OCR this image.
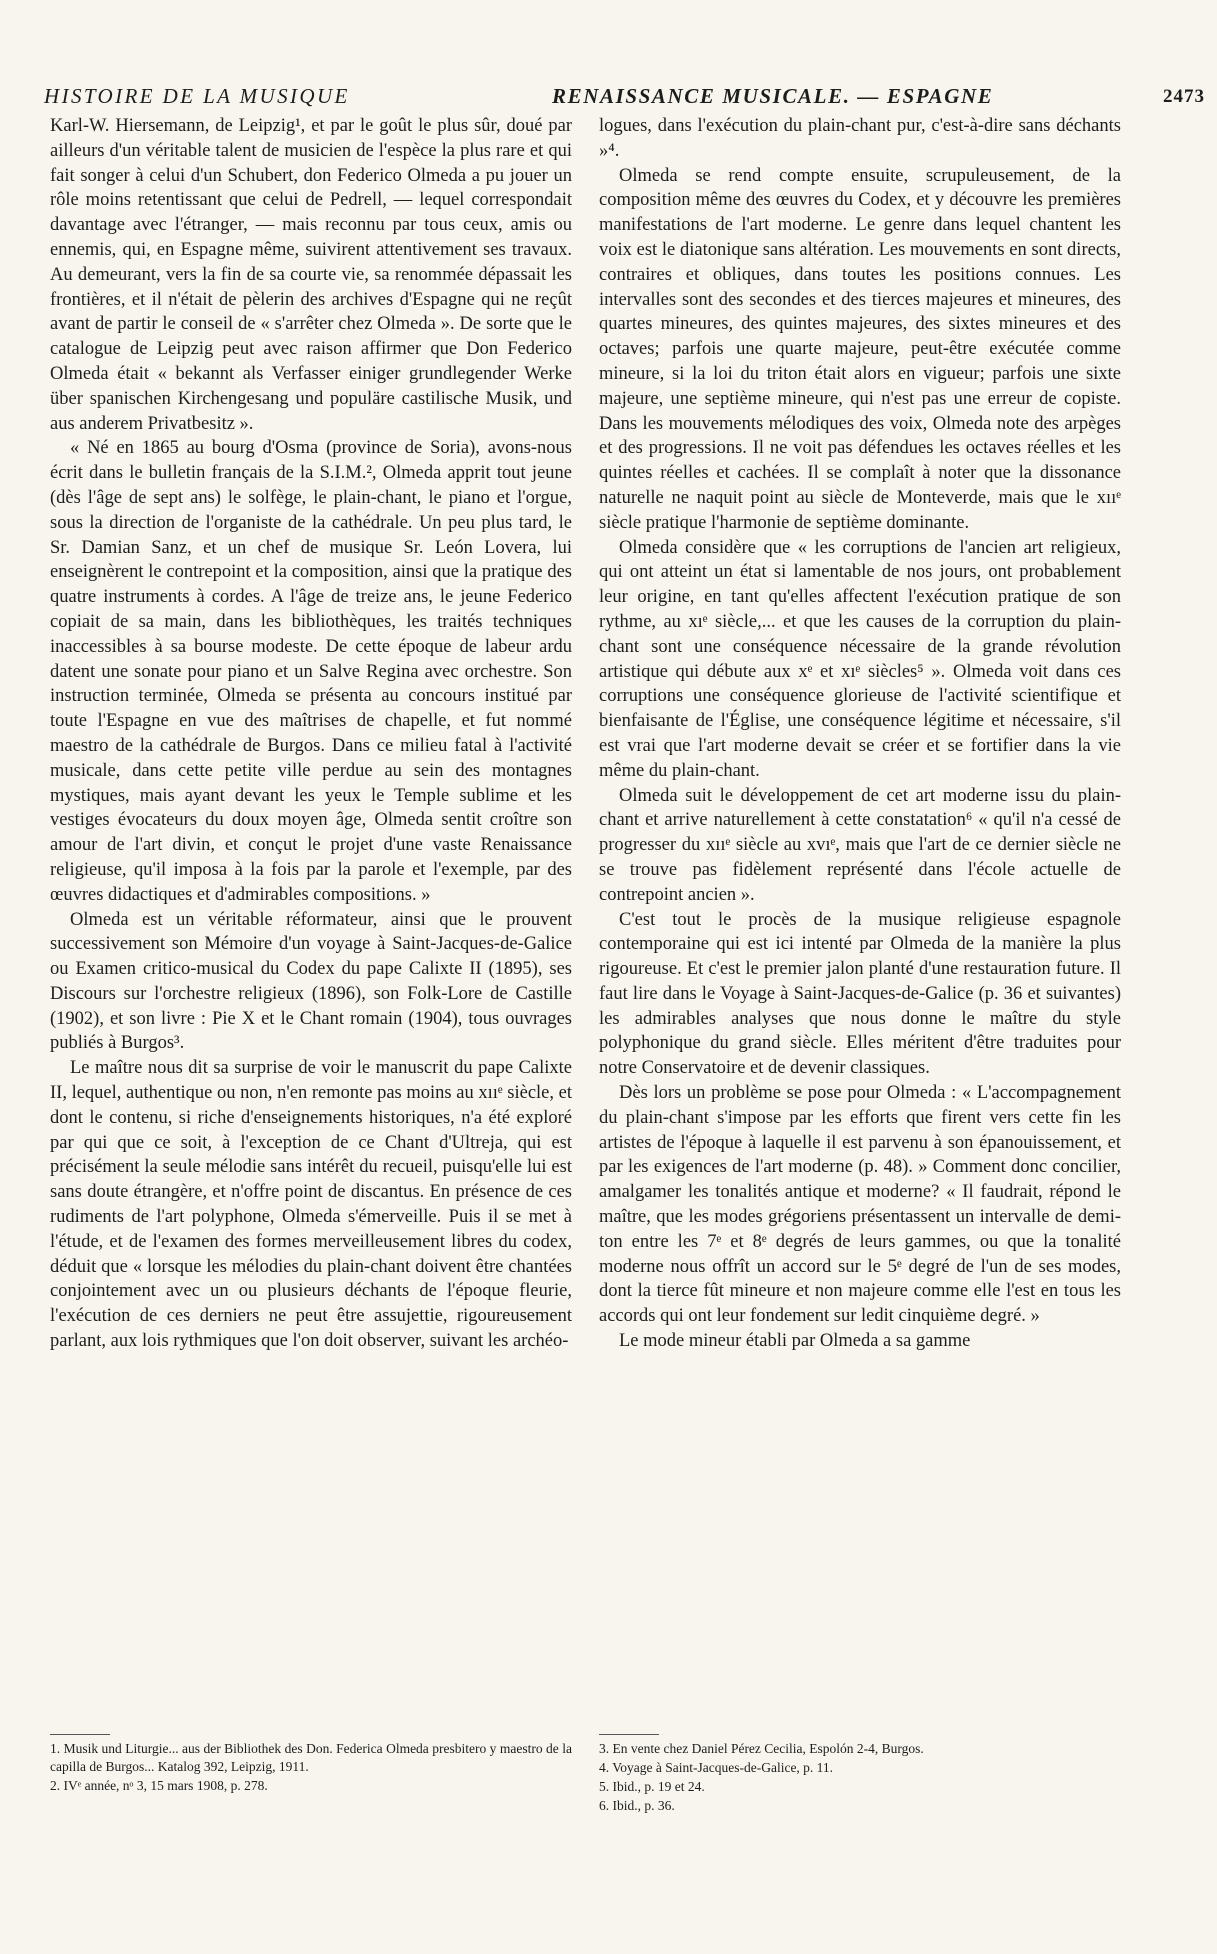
HISTOIRE DE LA MUSIQUE	RENAISSANCE MUSICALE. — ESPAGNE	2473

Karl-W. Hiersemann, de Leipzig¹, et par le goût le plus sûr, doué par ailleurs d'un véritable talent de musicien de l'espèce la plus rare et qui fait songer à celui d'un Schubert, don Federico Olmeda a pu jouer un rôle moins retentissant que celui de Pedrell, — lequel correspondait davantage avec l'étranger, — mais reconnu par tous ceux, amis ou ennemis, qui, en Espagne même, suivirent attentivement ses travaux. Au demeurant, vers la fin de sa courte vie, sa renommée dépassait les frontières, et il n'était de pèlerin des archives d'Espagne qui ne reçût avant de partir le conseil de « s'arrêter chez Olmeda ». De sorte que le catalogue de Leipzig peut avec raison affirmer que Don Federico Olmeda était « bekannt als Verfasser einiger grundlegender Werke über spanischen Kirchengesang und populäre castilische Musik, und aus anderem Privatbesitz ».

« Né en 1865 au bourg d'Osma (province de Soria), avons-nous écrit dans le bulletin français de la S.I.M.², Olmeda apprit tout jeune (dès l'âge de sept ans) le solfège, le plain-chant, le piano et l'orgue, sous la direction de l'organiste de la cathédrale. Un peu plus tard, le Sr. Damian Sanz, et un chef de musique Sr. León Lovera, lui enseignèrent le contrepoint et la composition, ainsi que la pratique des quatre instruments à cordes. A l'âge de treize ans, le jeune Federico copiait de sa main, dans les bibliothèques, les traités techniques inaccessibles à sa bourse modeste. De cette époque de labeur ardu datent une sonate pour piano et un Salve Regina avec orchestre. Son instruction terminée, Olmeda se présenta au concours institué par toute l'Espagne en vue des maîtrises de chapelle, et fut nommé maestro de la cathédrale de Burgos. Dans ce milieu fatal à l'activité musicale, dans cette petite ville perdue au sein des montagnes mystiques, mais ayant devant les yeux le Temple sublime et les vestiges évocateurs du doux moyen âge, Olmeda sentit croître son amour de l'art divin, et conçut le projet d'une vaste Renaissance religieuse, qu'il imposa à la fois par la parole et l'exemple, par des œuvres didactiques et d'admirables compositions. »

Olmeda est un véritable réformateur, ainsi que le prouvent successivement son Mémoire d'un voyage à Saint-Jacques-de-Galice ou Examen critico-musical du Codex du pape Calixte II (1895), ses Discours sur l'orchestre religieux (1896), son Folk-Lore de Castille (1902), et son livre : Pie X et le Chant romain (1904), tous ouvrages publiés à Burgos³.

Le maître nous dit sa surprise de voir le manuscrit du pape Calixte II, lequel, authentique ou non, n'en remonte pas moins au xııᵉ siècle, et dont le contenu, si riche d'enseignements historiques, n'a été exploré par qui que ce soit, à l'exception de ce Chant d'Ultreja, qui est précisément la seule mélodie sans intérêt du recueil, puisqu'elle lui est sans doute étrangère, et n'offre point de discantus. En présence de ces rudiments de l'art polyphone, Olmeda s'émerveille. Puis il se met à l'étude, et de l'examen des formes merveilleusement libres du codex, déduit que « lorsque les mélodies du plain-chant doivent être chantées conjointement avec un ou plusieurs déchants de l'époque fleurie, l'exécution de ces derniers ne peut être assujettie, rigoureusement parlant, aux lois rythmiques que l'on doit observer, suivant les archéo-

logues, dans l'exécution du plain-chant pur, c'est-à-dire sans déchants »⁴.

Olmeda se rend compte ensuite, scrupuleusement, de la composition même des œuvres du Codex, et y découvre les premières manifestations de l'art moderne. Le genre dans lequel chantent les voix est le diatonique sans altération. Les mouvements en sont directs, contraires et obliques, dans toutes les positions connues. Les intervalles sont des secondes et des tierces majeures et mineures, des quartes mineures, des quintes majeures, des sixtes mineures et des octaves; parfois une quarte majeure, peut-être exécutée comme mineure, si la loi du triton était alors en vigueur; parfois une sixte majeure, une septième mineure, qui n'est pas une erreur de copiste. Dans les mouvements mélodiques des voix, Olmeda note des arpèges et des progressions. Il ne voit pas défendues les octaves réelles et les quintes réelles et cachées. Il se complaît à noter que la dissonance naturelle ne naquit point au siècle de Monteverde, mais que le xııᵉ siècle pratique l'harmonie de septième dominante.

Olmeda considère que « les corruptions de l'ancien art religieux, qui ont atteint un état si lamentable de nos jours, ont probablement leur origine, en tant qu'elles affectent l'exécution pratique de son rythme, au xıᵉ siècle,... et que les causes de la corruption du plain-chant sont une conséquence nécessaire de la grande révolution artistique qui débute aux xᵉ et xıᵉ siècles⁵ ». Olmeda voit dans ces corruptions une conséquence glorieuse de l'activité scientifique et bienfaisante de l'Église, une conséquence légitime et nécessaire, s'il est vrai que l'art moderne devait se créer et se fortifier dans la vie même du plain-chant.

Olmeda suit le développement de cet art moderne issu du plain-chant et arrive naturellement à cette constatation⁶ « qu'il n'a cessé de progresser du xııᵉ siècle au xvıᵉ, mais que l'art de ce dernier siècle ne se trouve pas fidèlement représenté dans l'école actuelle de contrepoint ancien ».

C'est tout le procès de la musique religieuse espagnole contemporaine qui est ici intenté par Olmeda de la manière la plus rigoureuse. Et c'est le premier jalon planté d'une restauration future. Il faut lire dans le Voyage à Saint-Jacques-de-Galice (p. 36 et suivantes) les admirables analyses que nous donne le maître du style polyphonique du grand siècle. Elles méritent d'être traduites pour notre Conservatoire et de devenir classiques.

Dès lors un problème se pose pour Olmeda : « L'accompagnement du plain-chant s'impose par les efforts que firent vers cette fin les artistes de l'époque à laquelle il est parvenu à son épanouissement, et par les exigences de l'art moderne (p. 48). » Comment donc concilier, amalgamer les tonalités antique et moderne? « Il faudrait, répond le maître, que les modes grégoriens présentassent un intervalle de demi-ton entre les 7ᵉ et 8ᵉ degrés de leurs gammes, ou que la tonalité moderne nous offrît un accord sur le 5ᵉ degré de l'un de ses modes, dont la tierce fût mineure et non majeure comme elle l'est en tous les accords qui ont leur fondement sur ledit cinquième degré. »

Le mode mineur établi par Olmeda a sa gamme

1. Musik und Liturgie... aus der Bibliothek des Don. Federica Olmeda presbitero y maestro de la capilla de Burgos... Katalog 392, Leipzig, 1911.
2. IVᵉ année, nᵒ 3, 15 mars 1908, p. 278.
3. En vente chez Daniel Pérez Cecilia, Espolón 2-4, Burgos.
4. Voyage à Saint-Jacques-de-Galice, p. 11.
5. Ibid., p. 19 et 24.
6. Ibid., p. 36.
